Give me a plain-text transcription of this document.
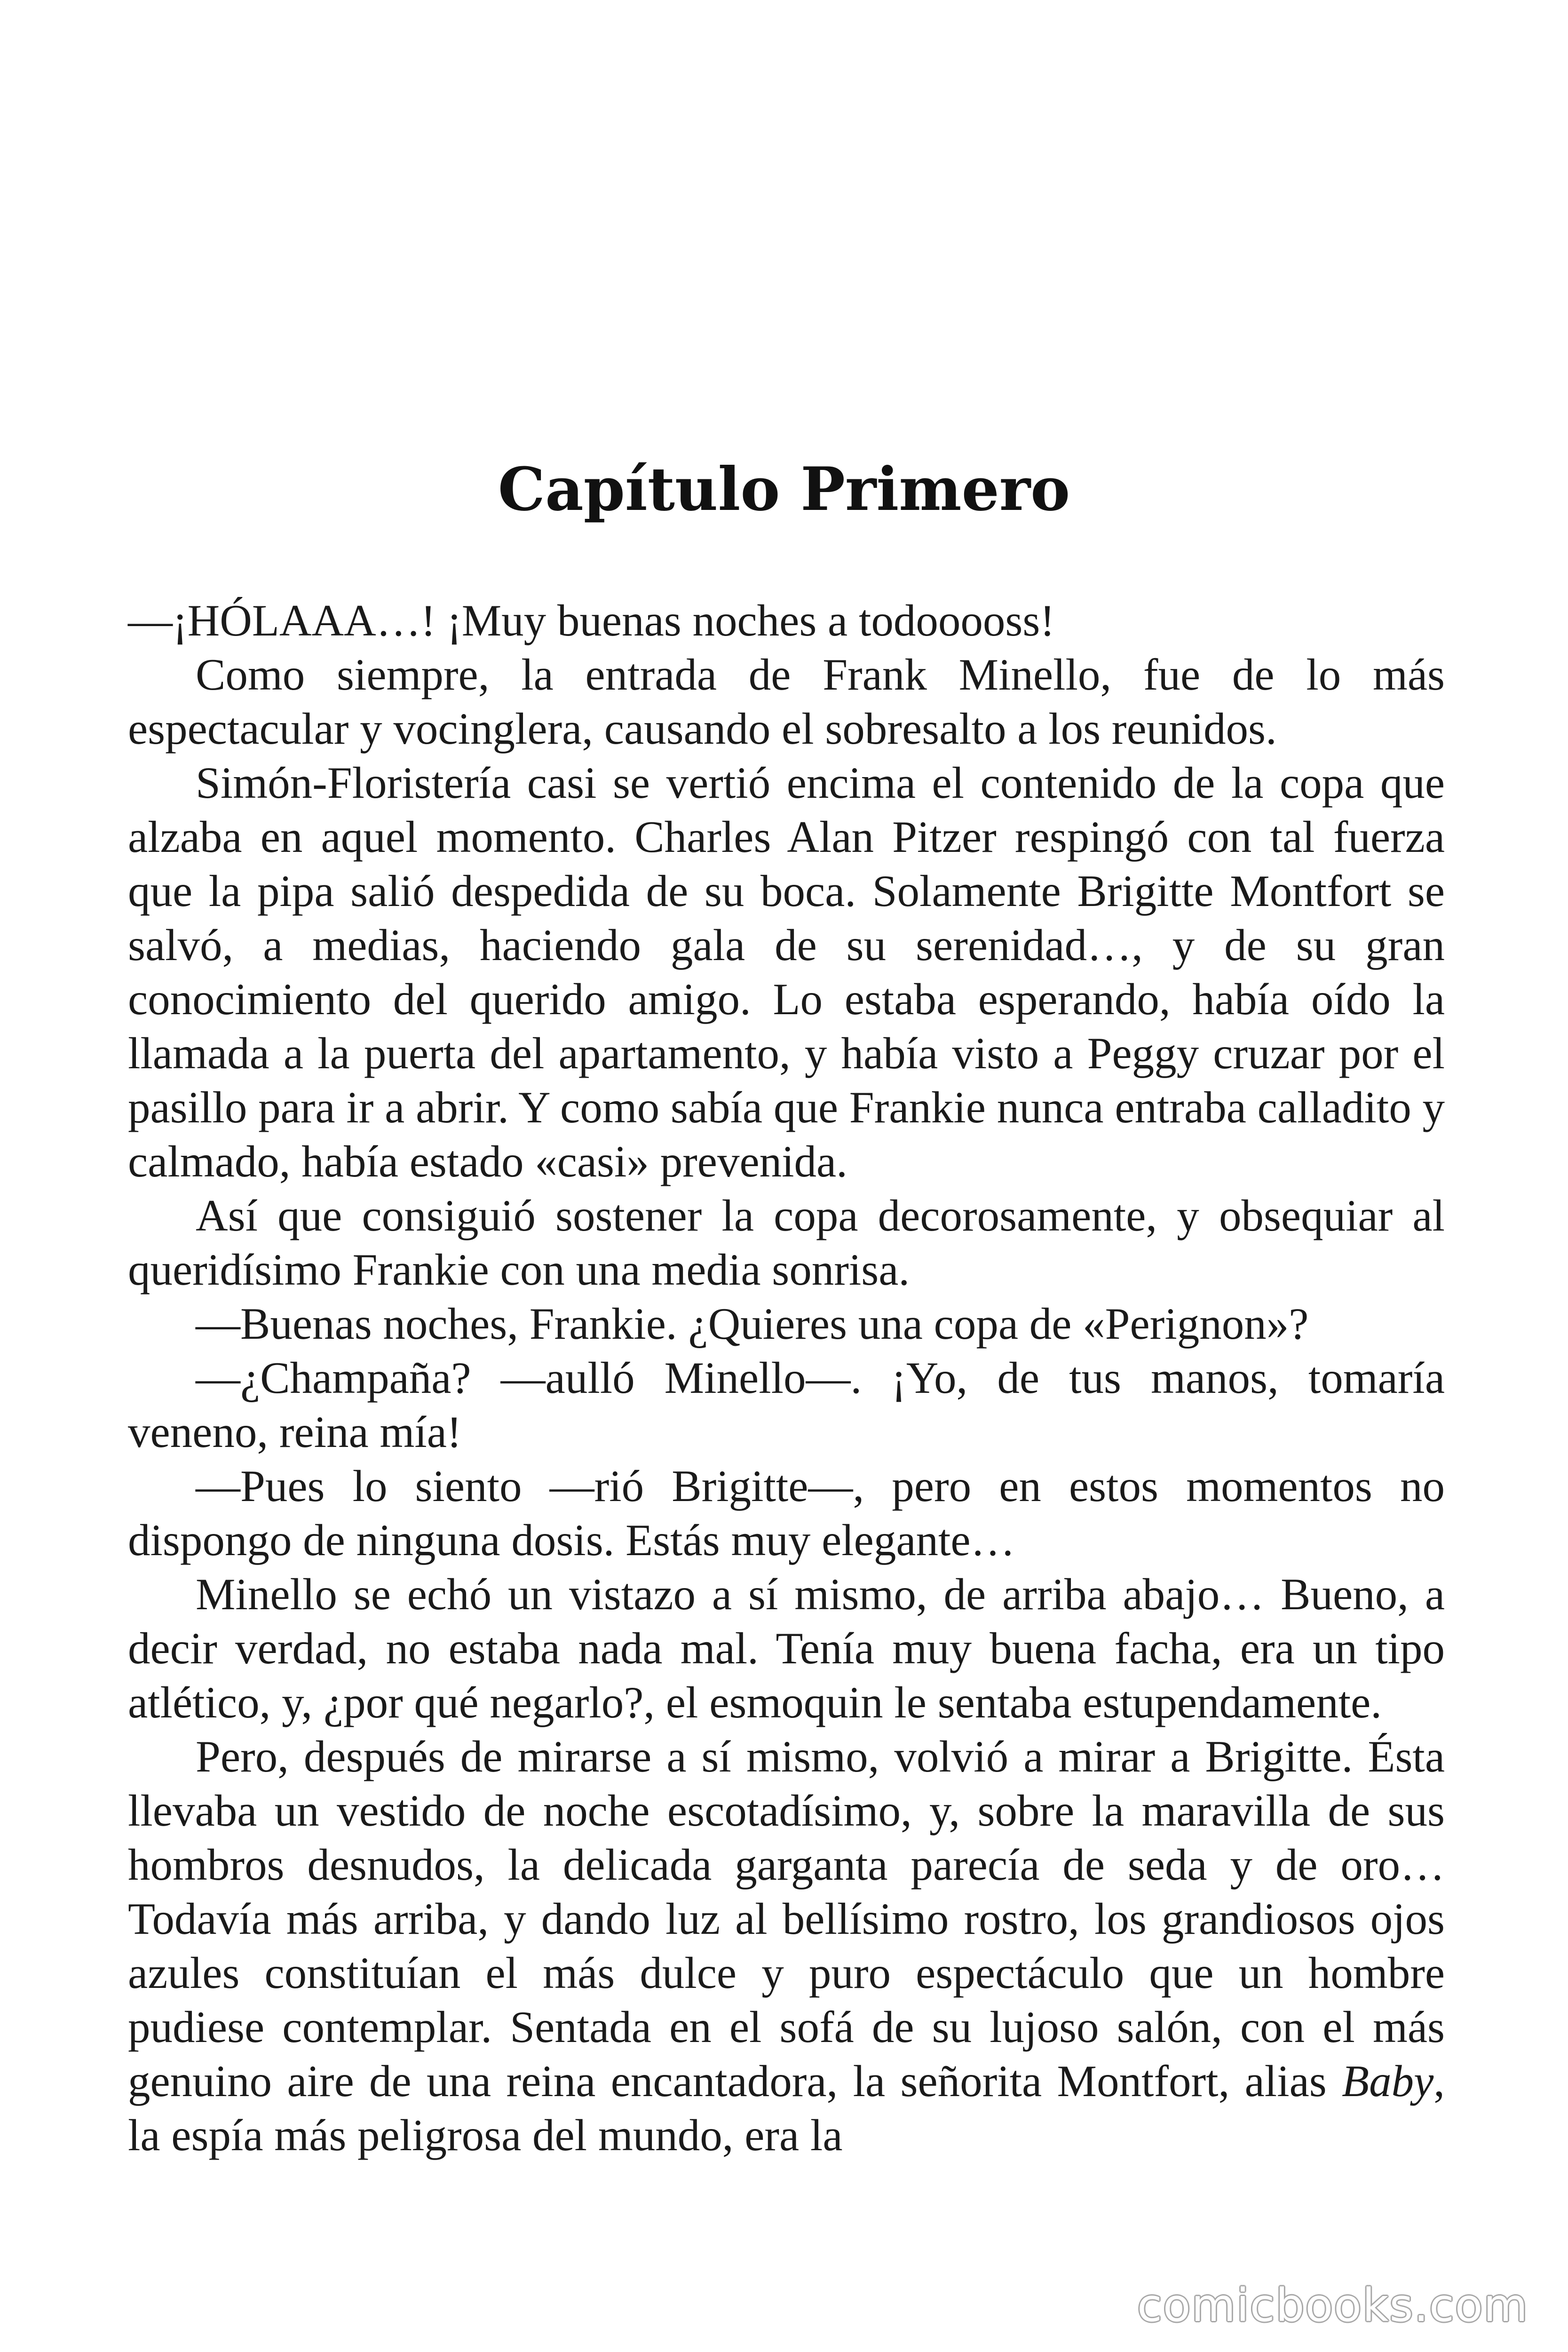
Capítulo Primero

—¡HÓLAAA…! ¡Muy buenas noches a todooooss!

Como siempre, la entrada de Frank Minello, fue de lo más espectacular y vocinglera, causando el sobresalto a los reunidos.

Simón-Floristería casi se vertió encima el contenido de la copa que alzaba en aquel momento. Charles Alan Pitzer respingó con tal fuerza que la pipa salió despedida de su boca. Solamente Brigitte Montfort se salvó, a medias, haciendo gala de su serenidad…, y de su gran conocimiento del querido amigo. Lo estaba esperando, había oído la llamada a la puerta del apartamento, y había visto a Peggy cruzar por el pasillo para ir a abrir. Y como sabía que Frankie nunca entraba calladito y calmado, había estado «casi» prevenida.

Así que consiguió sostener la copa decorosamente, y obsequiar al queridísimo Frankie con una media sonrisa.

—Buenas noches, Frankie. ¿Quieres una copa de «Perignon»?

—¿Champaña? —aulló Minello—. ¡Yo, de tus manos, tomaría veneno, reina mía!

—Pues lo siento —rió Brigitte—, pero en estos momentos no dispongo de ninguna dosis. Estás muy elegante…

Minello se echó un vistazo a sí mismo, de arriba abajo… Bueno, a decir verdad, no estaba nada mal. Tenía muy buena facha, era un tipo atlético, y, ¿por qué negarlo?, el esmoquin le sentaba estupendamente.

Pero, después de mirarse a sí mismo, volvió a mirar a Brigitte. Ésta llevaba un vestido de noche escotadísimo, y, sobre la maravilla de sus hombros desnudos, la delicada garganta parecía de seda y de oro… Todavía más arriba, y dando luz al bellísimo rostro, los grandiosos ojos azules constituían el más dulce y puro espectáculo que un hombre pudiese contemplar. Sentada en el sofá de su lujoso salón, con el más genuino aire de una reina encantadora, la señorita Montfort, alias Baby, la espía más peligrosa del mundo, era la

comicbooks.com
